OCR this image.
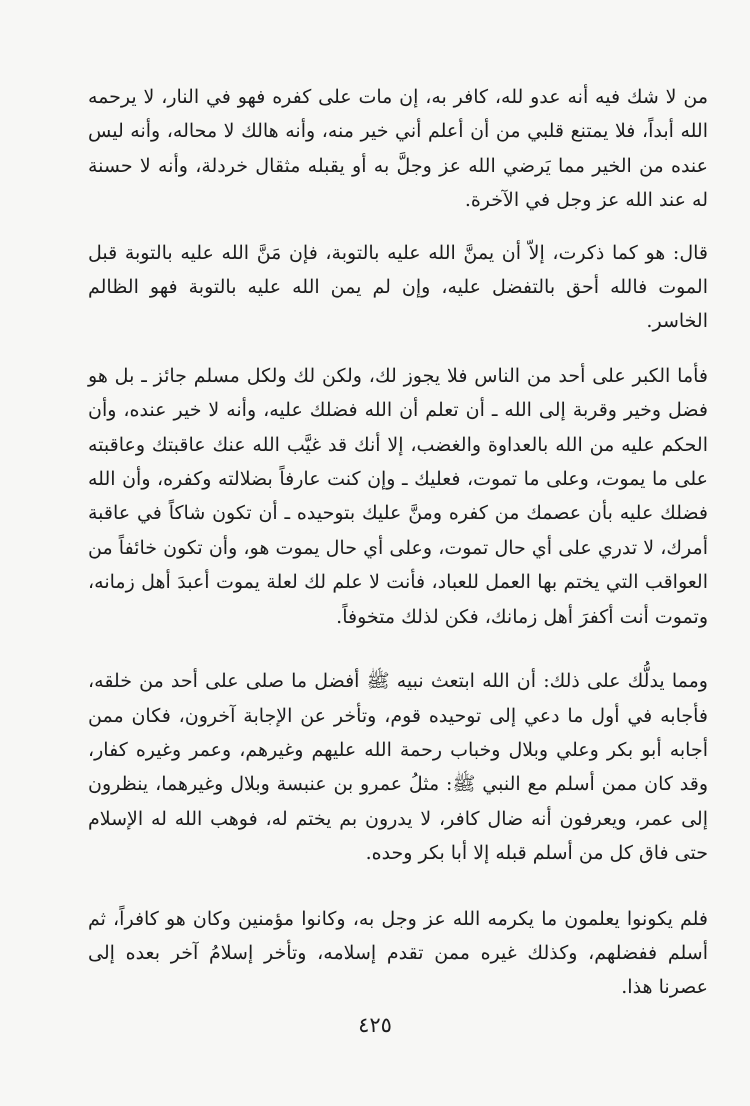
من لا شك فيه أنه عدو لله، كافر به، إن مات على كفره فهو في النار، لا يرحمه الله أبداً، فلا يمتنع قلبي من أن أعلم أني خير منه، وأنه هالك لا محاله، وأنه ليس عنده من الخير مما يَرضي الله عز وجلَّ به أو يقبله مثقال خردلة، وأنه لا حسنة له عند الله عز وجل في الآخرة.

قال: هو كما ذكرت، إلاّ أن يمنَّ الله عليه بالتوبة، فإن مَنَّ الله عليه بالتوبة قبل الموت فالله أحق بالتفضل عليه، وإن لم يمن الله عليه بالتوبة فهو الظالم الخاسر.

فأما الكبر على أحد من الناس فلا يجوز لك، ولكن لك ولكل مسلم جائز ـ بل هو فضل وخير وقربة إلى الله ـ أن تعلم أن الله فضلك عليه، وأنه لا خير عنده، وأن الحكم عليه من الله بالعداوة والغضب، إلا أنك قد غيَّب الله عنك عاقبتك وعاقبته على ما يموت، وعلى ما تموت، فعليك ـ وإن كنت عارفاً بضلالته وكفره، وأن الله فضلك عليه بأن عصمك من كفره ومنَّ عليك بتوحيده ـ أن تكون شاكاً في عاقبة أمرك، لا تدري على أي حال تموت، وعلى أي حال يموت هو، وأن تكون خائفاً من العواقب التي يختم بها العمل للعباد، فأنت لا علم لك لعلة يموت أعبدَ أهل زمانه، وتموت أنت أكفرَ أهل زمانك، فكن لذلك متخوفاً.

ومما يدلُّك على ذلك: أن الله ابتعث نبيه ﷺ أفضل ما صلى على أحد من خلقه، فأجابه في أول ما دعي إلى توحيده قوم، وتأخر عن الإجابة آخرون، فكان ممن أجابه أبو بكر وعلي وبلال وخباب رحمة الله عليهم وغيرهم، وعمر وغيره كفار، وقد كان ممن أسلم مع النبي ﷺ: مثلُ عمرو بن عنبسة وبلال وغيرهما، ينظرون إلى عمر، ويعرفون أنه ضال كافر، لا يدرون بم يختم له، فوهب الله له الإسلام حتى فاق كل من أسلم قبله إلا أبا بكر وحده.

فلم يكونوا يعلمون ما يكرمه الله عز وجل به، وكانوا مؤمنين وكان هو كافراً، ثم أسلم ففضلهم، وكذلك غيره ممن تقدم إسلامه، وتأخر إسلامُ آخر بعده إلى عصرنا هذا.

٤٢٥
